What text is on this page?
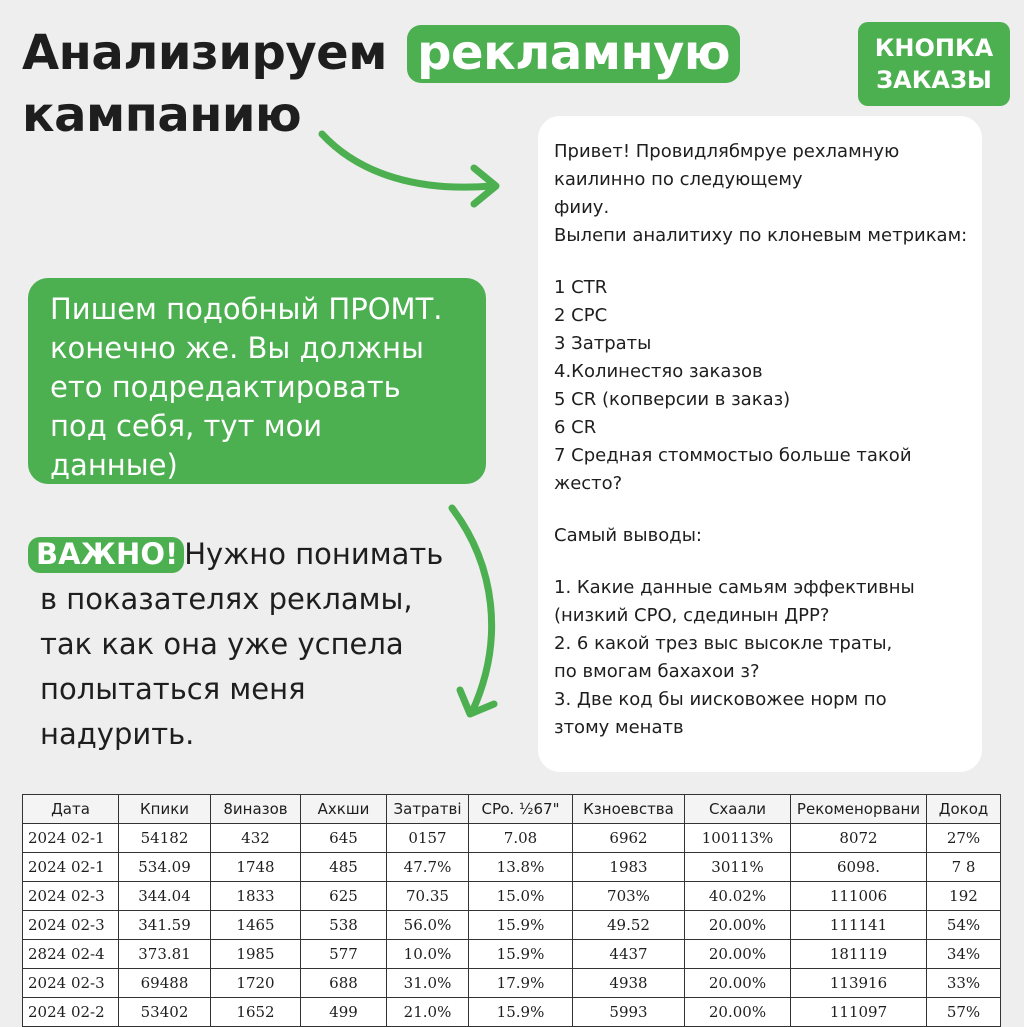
Анализируем рекламную
кампанию
КНОПКА
ЗАКАЗЫ
Привет! Провидлябмруе рехламную
каилинно по следующему
фииу.
Вылепи аналитиху по клоневым метрикам:
1 CTR
2 CPC
3 Затраты
4.Колинестяо заказов
5 CR (копверсии в заказ)
6 CR
7 Средная стоммостыо больше такой
жесто?
Самый выводы:
1. Какие данные самьям эффективны
(низкий СРО, сдединын ДРР?
2. 6 какой трез выс высокле траты,
по вмогам бахахои з?
3. Две код бы иисковожее норм по
зтому менатв
Пишем подобный ПРОМТ.
конечно же. Вы должны
ето подредактировать
под себя, тут мои
данные)
ВАЖНО! Нужно понимать
в показателях рекламы,
так как она уже успела
полытаться меня
надурить.
Дата	Кпики	8иназов	Axкши	Затратвi	CPo. ½67"	Кзноевства	Cxаали	Рекоменорвани	Докод
2024 02-1	54182	432	645	0157	7.08	6962	100113%	8072	27%
2024 02-1	534.09	1748	485	47.7%	13.8%	1983	3011%	6098.	7 8
2024 02-3	344.04	1833	625	70.35	15.0%	703%	40.02%	111006	192
2024 02-3	341.59	1465	538	56.0%	15.9%	49.52	20.00%	111141	54%
2824 02-4	373.81	1985	577	10.0%	15.9%	4437	20.00%	181119	34%
2024 02-3	69488	1720	688	31.0%	17.9%	4938	20.00%	113916	33%
2024 02-2	53402	1652	499	21.0%	15.9%	5993	20.00%	111097	57%
